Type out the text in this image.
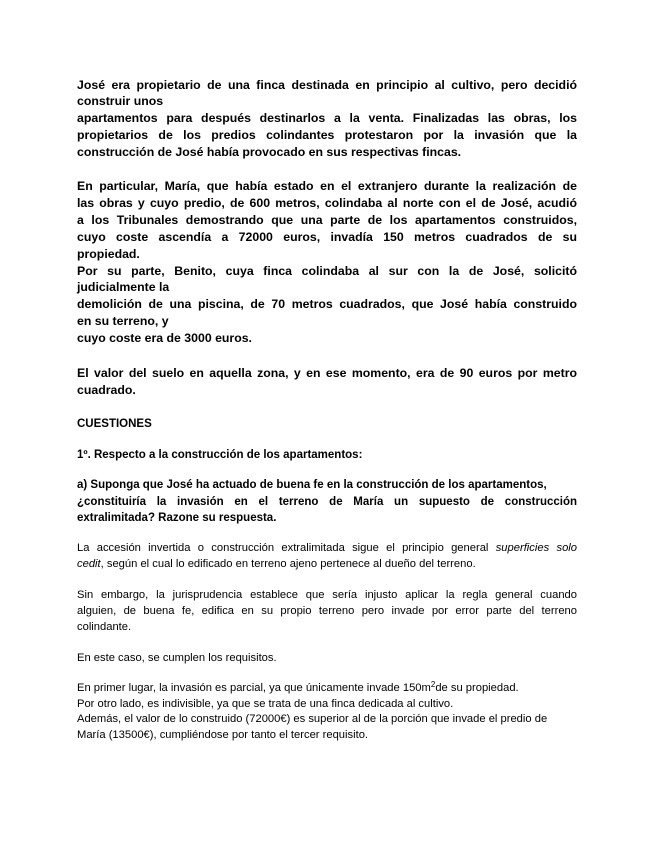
José era propietario de una finca destinada en principio al cultivo, pero decidió

construir unos

apartamentos para después destinarlos a la venta. Finalizadas las obras, los

propietarios de los predios colindantes protestaron por la invasión que la

construcción de José había provocado en sus respectivas fincas.

En particular, María, que había estado en el extranjero durante la realización de

las obras y cuyo predio, de 600 metros, colindaba al norte con el de José, acudió

a los Tribunales demostrando que una parte de los apartamentos construidos,

cuyo coste ascendía a 72000 euros, invadía 150 metros cuadrados de su

propiedad.

Por su parte, Benito, cuya finca colindaba al sur con la de José, solicitó

judicialmente la

demolición de una piscina, de 70 metros cuadrados, que José había construido

en su terreno, y

cuyo coste era de 3000 euros.

El valor del suelo en aquella zona, y en ese momento, era de 90 euros por metro

cuadrado.

CUESTIONES

1º. Respecto a la construcción de los apartamentos:

a) Suponga que José ha actuado de buena fe en la construcción de los apartamentos,

¿constituiría la invasión en el terreno de María un supuesto de construcción

extralimitada? Razone su respuesta.

La accesión invertida o construcción extralimitada sigue el principio general superficies solo

cedit, según el cual lo edificado en terreno ajeno pertenece al dueño del terreno.

Sin embargo, la jurisprudencia establece que sería injusto aplicar la regla general cuando

alguien, de buena fe, edifica en su propio terreno pero invade por error parte del terreno

colindante.

En este caso, se cumplen los requisitos.

En primer lugar, la invasión es parcial, ya que únicamente invade $150m^2de$ su propiedad.

Por otro lado, es indivisible, ya que se trata de una finca dedicada al cultivo.

Además, el valor de lo construido (72000€) es superior al de la porción que invade el predio de

María (13500€), cumpliéndose por tanto el tercer requisito.
